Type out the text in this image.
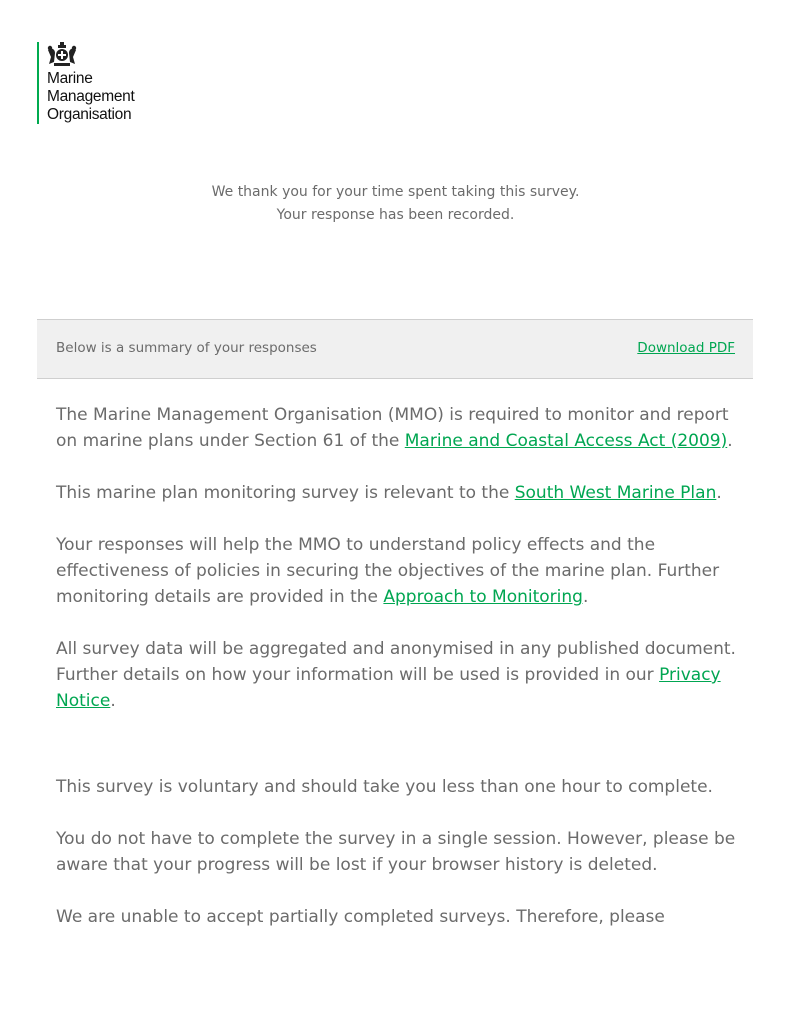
Marine
Management
Organisation
We thank you for your time spent taking this survey.
Your response has been recorded.
Below is a summary of your responses	Download PDF

The Marine Management Organisation (MMO) is required to monitor and report on marine plans under Section 61 of the Marine and Coastal Access Act (2009).

This marine plan monitoring survey is relevant to the South West Marine Plan.

Your responses will help the MMO to understand policy effects and the effectiveness of policies in securing the objectives of the marine plan. Further monitoring details are provided in the Approach to Monitoring.

All survey data will be aggregated and anonymised in any published document. Further details on how your information will be used is provided in our Privacy Notice.

This survey is voluntary and should take you less than one hour to complete.

You do not have to complete the survey in a single session. However, please be aware that your progress will be lost if your browser history is deleted.

We are unable to accept partially completed surveys. Therefore, please
